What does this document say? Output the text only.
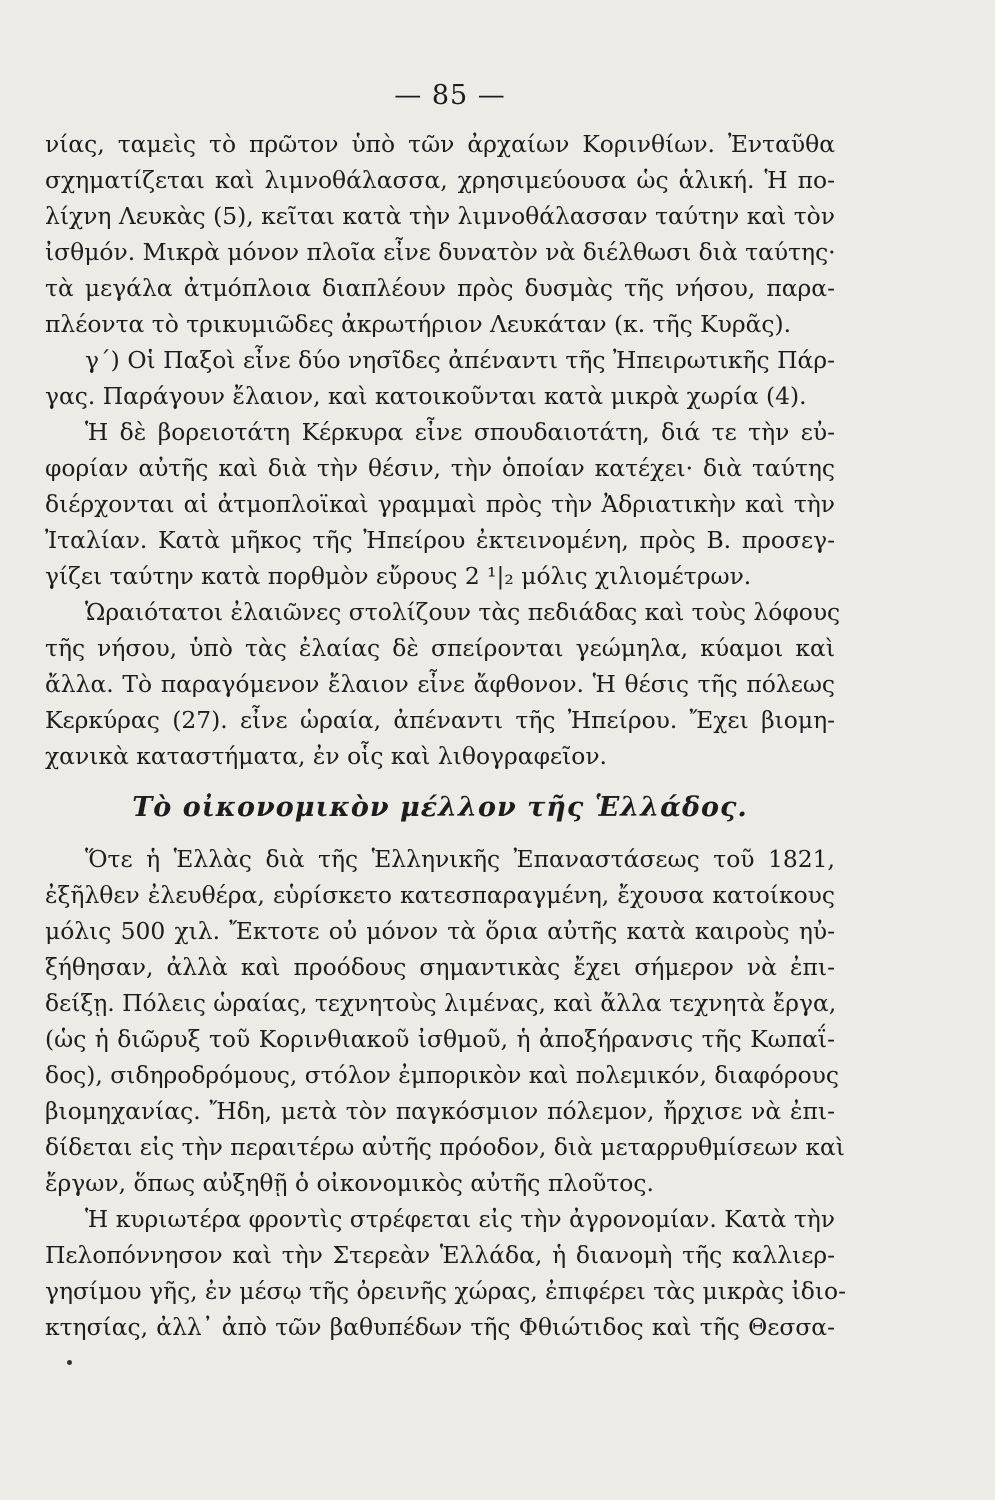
— 85 —
νίας, ταμεὶς τὸ πρῶτον ὑπὸ τῶν ἀρχαίων Κορινθίων. Ἐνταῦθα
σχηματίζεται καὶ λιμνοθάλασσα, χρησιμεύουσα ὡς ἁλική. Ἡ πο-
λίχνη Λευκὰς (5), κεῖται κατὰ τὴν λιμνοθάλασσαν ταύτην καὶ τὸν
ἰσθμόν. Μικρὰ μόνον πλοῖα εἶνε δυνατὸν νὰ διέλθωσι διὰ ταύτης·
τὰ μεγάλα ἀτμόπλοια διαπλέουν πρὸς δυσμὰς τῆς νήσου, παρα-
πλέοντα τὸ τρικυμιῶδες ἀκρωτήριον Λευκάταν (κ. τῆς Κυρᾶς).
γ΄) Οἱ Παξοὶ εἶνε δύο νησῖδες ἀπέναντι τῆς Ἠπειρωτικῆς Πάρ-
γας. Παράγουν ἔλαιον, καὶ κατοικοῦνται κατὰ μικρὰ χωρία (4).
Ἡ δὲ βορειοτάτη Κέρκυρα εἶνε σπουδαιοτάτη, διά τε τὴν εὐ-
φορίαν αὐτῆς καὶ διὰ τὴν θέσιν, τὴν ὁποίαν κατέχει· διὰ ταύτης
διέρχονται αἱ ἀτμοπλοϊκαὶ γραμμαὶ πρὸς τὴν Ἀδριατικὴν καὶ τὴν
Ἰταλίαν. Κατὰ μῆκος τῆς Ἠπείρου ἐκτεινομένη, πρὸς Β. προσεγ-
γίζει ταύτην κατὰ πορθμὸν εὔρους 2 ¹|₂ μόλις χιλιομέτρων.
Ὡραιότατοι ἐλαιῶνες στολίζουν τὰς πεδιάδας καὶ τοὺς λόφους
τῆς νήσου, ὑπὸ τὰς ἐλαίας δὲ σπείρονται γεώμηλα, κύαμοι καὶ
ἄλλα. Τὸ παραγόμενον ἔλαιον εἶνε ἄφθονον. Ἡ θέσις τῆς πόλεως
Κερκύρας (27). εἶνε ὡραία, ἀπέναντι τῆς Ἠπείρου. Ἔχει βιομη-
χανικὰ καταστήματα, ἐν οἷς καὶ λιθογραφεῖον.
Τὸ οἰκονομικὸν μέλλον τῆς Ἑλλάδος.
Ὅτε ἡ Ἑλλὰς διὰ τῆς Ἑλληνικῆς Ἐπαναστάσεως τοῦ 1821,
ἐξῆλθεν ἐλευθέρα, εὑρίσκετο κατεσπαραγμένη, ἔχουσα κατοίκους
μόλις 500 χιλ. Ἔκτοτε οὐ μόνον τὰ ὅρια αὐτῆς κατὰ καιροὺς ηὐ-
ξήθησαν, ἀλλὰ καὶ προόδους σημαντικὰς ἔχει σήμερον νὰ ἐπι-
δείξῃ. Πόλεις ὡραίας, τεχνητοὺς λιμένας, καὶ ἄλλα τεχνητὰ ἔργα,
(ὡς ἡ διῶρυξ τοῦ Κορινθιακοῦ ἰσθμοῦ, ἡ ἀποξήρανσις τῆς Κωπαΐ-
δος), σιδηροδρόμους, στόλον ἐμπορικὸν καὶ πολεμικόν, διαφόρους
βιομηχανίας. Ἤδη, μετὰ τὸν παγκόσμιον πόλεμον, ἤρχισε νὰ ἐπι-
δίδεται εἰς τὴν περαιτέρω αὐτῆς πρόοδον, διὰ μεταρρυθμίσεων καὶ
ἔργων, ὅπως αὐξηθῇ ὁ οἰκονομικὸς αὐτῆς πλοῦτος.
Ἡ κυριωτέρα φροντὶς στρέφεται εἰς τὴν ἀγρονομίαν. Κατὰ τὴν
Πελοπόννησον καὶ τὴν Στερεὰν Ἑλλάδα, ἡ διανομὴ τῆς καλλιερ-
γησίμου γῆς, ἐν μέσῳ τῆς ὀρεινῆς χώρας, ἐπιφέρει τὰς μικρὰς ἰδιο-
κτησίας, ἀλλ᾽ ἀπὸ τῶν βαθυπέδων τῆς Φθιώτιδος καὶ τῆς Θεσσα-
